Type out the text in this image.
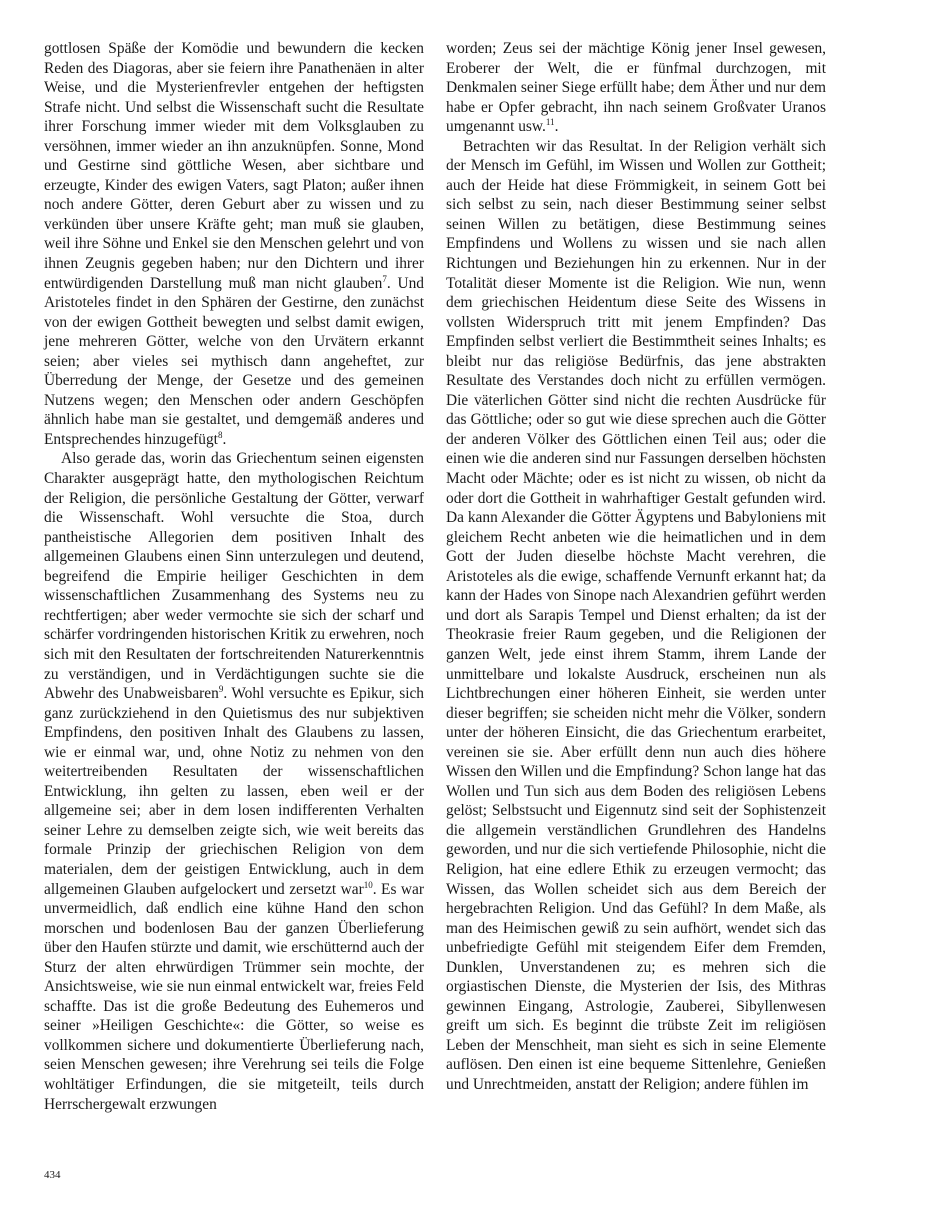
gottlosen Späße der Komödie und bewundern die kecken Reden des Diagoras, aber sie feiern ihre Panathenäen in alter Weise, und die Mysterienfrevler entgehen der heftigsten Strafe nicht. Und selbst die Wissenschaft sucht die Resultate ihrer Forschung immer wieder mit dem Volksglauben zu versöhnen, immer wieder an ihn anzuknüpfen. Sonne, Mond und Gestirne sind göttliche Wesen, aber sichtbare und erzeugte, Kinder des ewigen Vaters, sagt Platon; außer ihnen noch andere Götter, deren Geburt aber zu wissen und zu verkünden über unsere Kräfte geht; man muß sie glauben, weil ihre Söhne und Enkel sie den Menschen gelehrt und von ihnen Zeugnis gegeben haben; nur den Dichtern und ihrer entwürdigenden Darstellung muß man nicht glauben$^7$. Und Aristoteles findet in den Sphären der Gestirne, den zunächst von der ewigen Gottheit bewegten und selbst damit ewigen, jene mehreren Götter, welche von den Urvätern erkannt seien; aber vieles sei mythisch dann angeheftet, zur Überredung der Menge, der Gesetze und des gemeinen Nutzens wegen; den Menschen oder andern Geschöpfen ähnlich habe man sie gestaltet, und demgemäß anderes und Entsprechendes hinzugefügt$^8$.

Also gerade das, worin das Griechentum seinen eigensten Charakter ausgeprägt hatte, den mythologischen Reichtum der Religion, die persönliche Gestaltung der Götter, verwarf die Wissenschaft. Wohl versuchte die Stoa, durch pantheistische Allegorien dem positiven Inhalt des allgemeinen Glaubens einen Sinn unterzulegen und deutend, begreifend die Empirie heiliger Geschichten in dem wissenschaftlichen Zusammenhang des Systems neu zu rechtfertigen; aber weder vermochte sie sich der scharf und schärfer vordringenden historischen Kritik zu erwehren, noch sich mit den Resultaten der fortschreitenden Naturerkenntnis zu verständigen, und in Verdächtigungen suchte sie die Abwehr des Unabweisbaren$^9$. Wohl versuchte es Epikur, sich ganz zurückziehend in den Quietismus des nur subjektiven Empfindens, den positiven Inhalt des Glaubens zu lassen, wie er einmal war, und, ohne Notiz zu nehmen von den weitertreibenden Resultaten der wissenschaftlichen Entwicklung, ihn gelten zu lassen, eben weil er der allgemeine sei; aber in dem losen indifferenten Verhalten seiner Lehre zu demselben zeigte sich, wie weit bereits das formale Prinzip der griechischen Religion von dem materialen, dem der geistigen Entwicklung, auch in dem allgemeinen Glauben aufgelockert und zersetzt war$^{10}$. Es war unvermeidlich, daß endlich eine kühne Hand den schon morschen und bodenlosen Bau der ganzen Überlieferung über den Haufen stürzte und damit, wie erschütternd auch der Sturz der alten ehrwürdigen Trümmer sein mochte, der Ansichtsweise, wie sie nun einmal entwickelt war, freies Feld schaffte. Das ist die große Bedeutung des Euhemeros und seiner »Heiligen Geschichte«: die Götter, so weise es vollkommen sichere und dokumentierte Überlieferung nach, seien Menschen gewesen; ihre Verehrung sei teils die Folge wohltätiger Erfindungen, die sie mitgeteilt, teils durch Herrschergewalt erzwungen

worden; Zeus sei der mächtige König jener Insel gewesen, Eroberer der Welt, die er fünfmal durchzogen, mit Denkmalen seiner Siege erfüllt habe; dem Äther und nur dem habe er Opfer gebracht, ihn nach seinem Großvater Uranos umgenannt usw.$^{11}$.

Betrachten wir das Resultat. In der Religion verhält sich der Mensch im Gefühl, im Wissen und Wollen zur Gottheit; auch der Heide hat diese Frömmigkeit, in seinem Gott bei sich selbst zu sein, nach dieser Bestimmung seiner selbst seinen Willen zu betätigen, diese Bestimmung seines Empfindens und Wollens zu wissen und sie nach allen Richtungen und Beziehungen hin zu erkennen. Nur in der Totalität dieser Momente ist die Religion. Wie nun, wenn dem griechischen Heidentum diese Seite des Wissens in vollsten Widerspruch tritt mit jenem Empfinden? Das Empfinden selbst verliert die Bestimmtheit seines Inhalts; es bleibt nur das religiöse Bedürfnis, das jene abstrakten Resultate des Verstandes doch nicht zu erfüllen vermögen. Die väterlichen Götter sind nicht die rechten Ausdrücke für das Göttliche; oder so gut wie diese sprechen auch die Götter der anderen Völker des Göttlichen einen Teil aus; oder die einen wie die anderen sind nur Fassungen derselben höchsten Macht oder Mächte; oder es ist nicht zu wissen, ob nicht da oder dort die Gottheit in wahrhaftiger Gestalt gefunden wird. Da kann Alexander die Götter Ägyptens und Babyloniens mit gleichem Recht anbeten wie die heimatlichen und in dem Gott der Juden dieselbe höchste Macht verehren, die Aristoteles als die ewige, schaffende Vernunft erkannt hat; da kann der Hades von Sinope nach Alexandrien geführt werden und dort als Sarapis Tempel und Dienst erhalten; da ist der Theokrasie freier Raum gegeben, und die Religionen der ganzen Welt, jede einst ihrem Stamm, ihrem Lande der unmittelbare und lokalste Ausdruck, erscheinen nun als Lichtbrechungen einer höheren Einheit, sie werden unter dieser begriffen; sie scheiden nicht mehr die Völker, sondern unter der höheren Einsicht, die das Griechentum erarbeitet, vereinen sie sie. Aber erfüllt denn nun auch dies höhere Wissen den Willen und die Empfindung? Schon lange hat das Wollen und Tun sich aus dem Boden des religiösen Lebens gelöst; Selbstsucht und Eigennutz sind seit der Sophistenzeit die allgemein verständlichen Grundlehren des Handelns geworden, und nur die sich vertiefende Philosophie, nicht die Religion, hat eine edlere Ethik zu erzeugen vermocht; das Wissen, das Wollen scheidet sich aus dem Bereich der hergebrachten Religion. Und das Gefühl? In dem Maße, als man des Heimischen gewiß zu sein aufhört, wendet sich das unbefriedigte Gefühl mit steigendem Eifer dem Fremden, Dunklen, Unverstandenen zu; es mehren sich die orgiastischen Dienste, die Mysterien der Isis, des Mithras gewinnen Eingang, Astrologie, Zauberei, Sibyllenwesen greift um sich. Es beginnt die trübste Zeit im religiösen Leben der Menschheit, man sieht es sich in seine Elemente auflösen. Den einen ist eine bequeme Sittenlehre, Genießen und Unrechtmeiden, anstatt der Religion; andere fühlen im

434
